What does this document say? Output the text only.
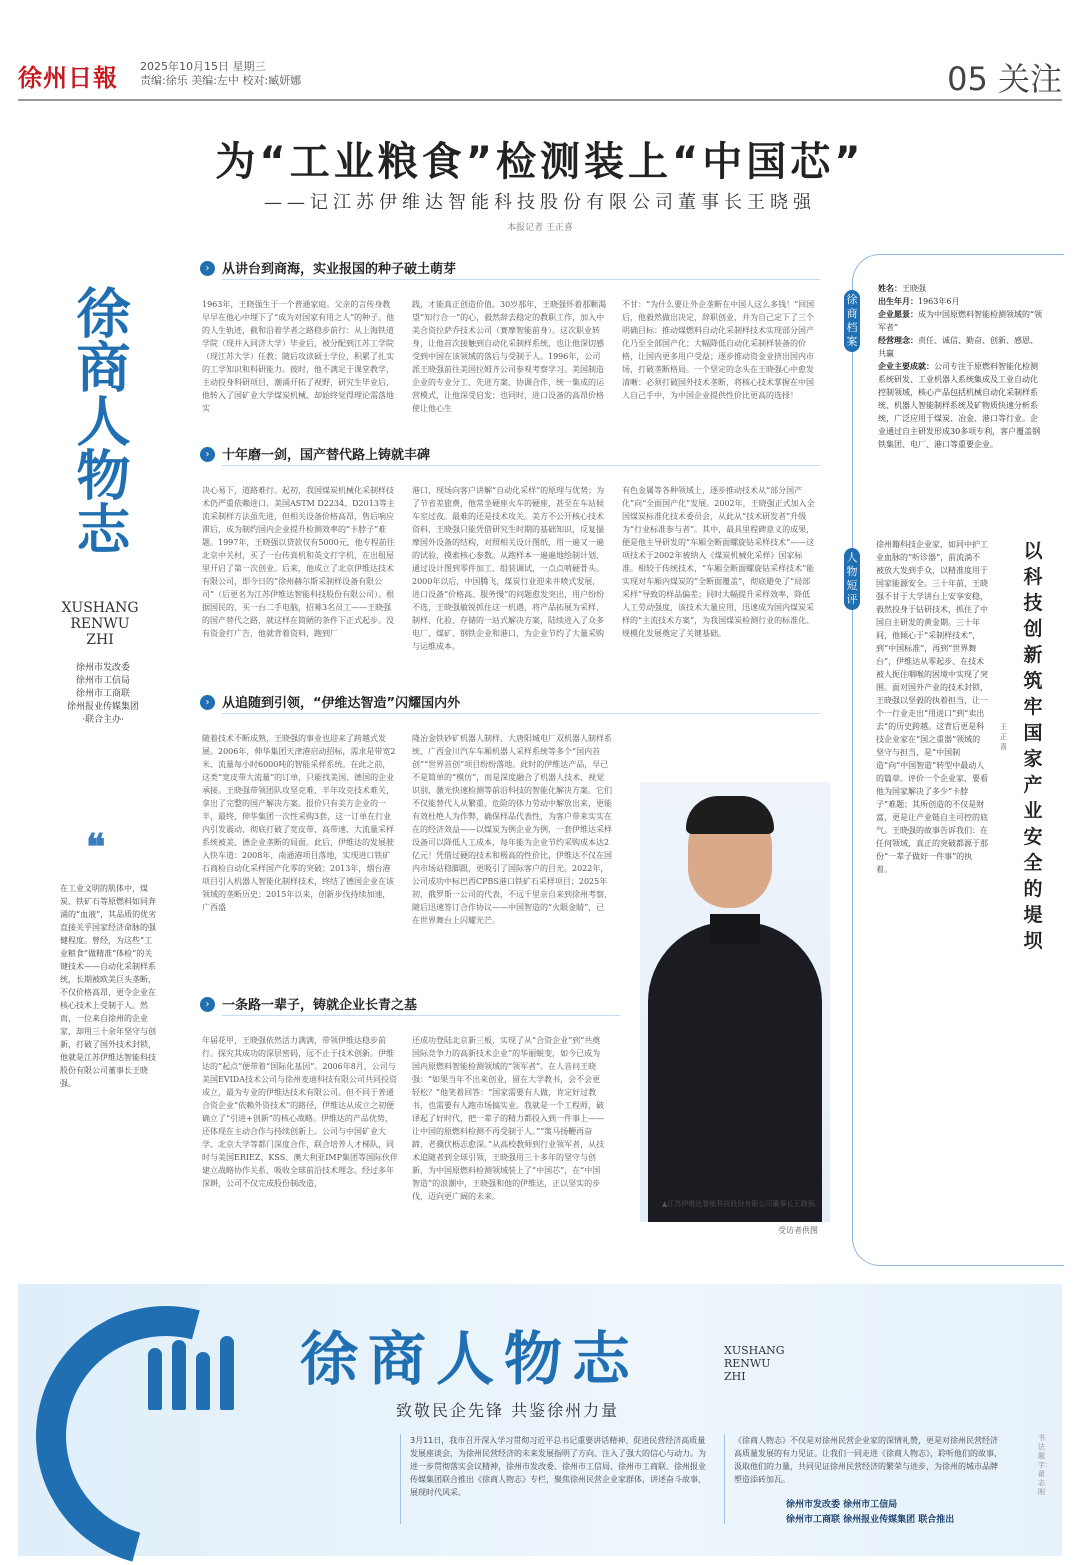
徐州日報 2025年10月15日 星期三
责编:徐乐 美编:左中 校对:臧妍娜	05 关注
为“工业粮食”检测装上“中国芯”
——记江苏伊维达智能科技股份有限公司董事长王晓强
本报记者 王正喜
徐商人物志
XUSHANG RENWU ZHI
徐州市发改委
徐州市工信局
徐州市工商联
徐州报业传媒集团
·联合主办·
❝
在工业文明的肌体中，煤炭、铁矿石等原燃料如同奔涌的“血液”，其品质的优劣直接关乎国家经济命脉的强健程度。曾经，为这些“工业粮食”做精准“体检”的关键技术——自动化采制样系统，长期被欧美巨头垄断，不仅价格高昂，更令企业在核心技术上受制于人。然而，一位来自徐州的企业家，却用三十余年坚守与创新，打破了国外技术封锁，他就是江苏伊维达智能科技股份有限公司董事长王晓强。
› 从讲台到商海，实业报国的种子破土萌芽
1963年，王晓强生于一个普通家庭。父亲的言传身教早早在他心中埋下了“成为对国家有用之人”的种子。他的人生轨迹，截和沿着学者之路稳步前行：从上海铁道学院（现并入同济大学）毕业后，被分配到江苏工学院（现江苏大学）任教；随后攻读硕士学位，积累了扎实的工学知识和科研能力。彼时，他不满足于课堂教学，主动投身科研项目，潮涌开拓了视野，研究生毕业后，他转入了国矿业大学煤炭机械、却始终觉得理论需落地实
践，才能真正创造价值。30岁那年，王晓强怀着那颗渴望“知行合一”的心，毅然辞去稳定的教职工作，加入中美合资拉萨乔技术公司（赛摩智能前身）。这次职业转身，让他首次接触到自动化采制样系统，也让他深切感受到中国在该领域的落后与受制于人。1996年，公司派王晓强前往美国拉姆齐公司参观考察学习。美国制造企业的专业分工、先进方案、协调合作，统一集成的运营模式，让他深受启发；也同时，进口设备的高昂价格使让他心生
不甘：“为什么要让外企垄断在中国人这么多钱！”回国后，他毅然做出决定，辞职创业，并为自己定下了三个明确目标：推动煤燃料自动化采制样技术实现部分国产化乃至全部国产化；大幅降低自动化采制样装备的价格，让国内更多用户受益；逐步推动资金业挤出国内市场，打破垄断格局。一个坚定的念头在王晓强心中愈发清晰：必须打破国外技术垄断，将核心技术掌握在中国人自己手中，为中国企业提供性价比更高的选择！
› 十年磨一剑，国产替代路上铸就丰碑
决心易下，道路难行。起初，我国煤炭机械化采制样技术仍严重依赖进口。美国ASTM D2234、D2013等主流采制样方法虽先进，但相关设备价格高昂，售后响应滞后，成为制约国内企业提升检测效率的“卡脖子”难题。1997年，王晓强以贷款仅有5000元，他专程前往北京中关村，买了一台传真机和英文打字机，在出租屋里开启了第一次创业。后来，他成立了北京伊维达技术有限公司，即今日的“徐州赫尔斯采制样设备有限公司”（后更名为江苏伊维达智能科技股份有限公司）。根据国民的，买一台二手电脑，招募3名员工——王晓强的国产替代之路，就这样在简陋的条件下正式起步。没有资金打广告，他就背着资料，跑到厂
港口，现场向客户讲解“自动化采样”的原理与优势；为了节省差旅费，他常坐硬座火车的硬座，甚至在车站候车室过夜。最难的还是技术攻关。美方不公开核心技术资料，王晓强只能凭借研究生时期的基础知识，反复揣摩国外设备的结构，对照相关设计图纸，用一遍又一遍的试验，摸索核心参数。从跑样本一遍遍地绘制计划、通过设计图到零件加工、组装调试，一点点啃硬骨头。2000年以后，中国腾飞，煤炭行业迎来井喷式发展，进口设备“价格高、服务慢”的问题愈发突出，用户纷纷不选，王晓强敏锐抓住这一机遇，将产品拓展为采样、制样、化验、存储的一站式解决方案，陆续进入了众多电厂、煤矿、钢铁企业和港口，为企业节约了大量采购与运维成本。
有色金属等各种领域上，逐步推动技术从“部分国产化”向“全面国产化”发展。2002年，王晓强正式加入全国煤炭标准化技术委员会，从此从“技术研发者”升级为“行业标准参与者”。其中，最具里程碑意义的成果，便是他主导研发的“车厢全断面螺旋钻采样技术”——这项技术于2002年被纳入《煤炭机械化采样》国家标准。相较于传统技术，“车厢全断面螺旋钻采样技术”能实现对车厢内煤炭的“全断面覆盖”，彻底避免了“局部采样”导致的样品偏差；同时大幅提升采样效率，降低人工劳动强度，该技术大量应用，迅速成为国内煤炭采样的“主流技术方案”，为我国煤炭检测行业的标准化、规模化发展奠定了关键基础。
› 从追随到引领，“伊维达智造”闪耀国内外
随着技术不断成熟，王晓强的事业也迎来了跨越式发展。2006年，伸华集团天津港启动招标，需求是带宽2米、流量每小时6000吨的智能采样系统。在此之前，这类“宽皮带大流量”的订单，只能找美国、德国的企业承接。王晓强带领团队攻坚克难，半年攻克技术难关，拿出了完整的国产解决方案。报价只有美方企业的一半，最终，伸华集团一次性采购3套，这一订单在行业内引发震动，彻底打破了宽皮带、高带速、大流量采样系统被美、德企业垄断的局面。此后，伊维达的发展驶入快车道：2008年，南通港项目落地，实现进口铁矿石商检自动化采样国产化零的突破；2013年，烟台港项目引入机器人智能化制样技术，终结了德国企业在该领域的垄断历史；2015年以来，创新步伐持续加速，广西盛
隆冶金铁砂矿机器人制样、大唐阳城电厂双机器人制样系统、广西金川汽车车厢机器人采样系统等多个“国内首创”“世界首创”项目纷纷落地。此时的伊维达产品，早已不是简单的“模仿”，而是深度融合了机器人技术、视觉识别、激光快速检测等前沿科技的智能化解决方案。它们不仅能替代人从繁重、危险的体力劳动中解放出来，更能有效杜绝人为作弊，确保样品代表性，为客户带来实实在在的经济效益——以煤炭为例企业为例，一套伊维达采样设备可以降低人工成本，每年能为企业节约采购成本达2亿元！凭借过硬的技术和极高的性价比，伊维达不仅在国内市场站稳脚跟，更吸引了国际客户的目光。2022年，公司成功中标巴西CPBS港口铁矿石采样项目；2025年初，俄罗斯一公司的代表，不远千里亲自来到徐州考察，随后迅速签订合作协议——中国智造的“火眼金睛”，已在世界舞台上闪耀光芒。
› 一条路一辈子，铸就企业长青之基
年届花甲，王晓强依然活力满满，带领伊维达稳步前行。探究其成功的深层密码，远不止于技术创新。伊维达的“起点”便带着“国际化基因”。2006年8月，公司与美国EVIDA技术公司与徐州麦迪科技有限公司共同投资成立，最为专业的伊维达技术有限公司。但不同于普通合资企业“依赖外资技术”的路径，伊维达从成立之初便确立了“引进+创新”的核心战略。伊维达的产品优势，还体现在主动合作与持续创新上。公司与中国矿业大学、北京大学等都门深度合作，联合培养人才梯队，同时与美国ERIEZ、KSS、澳大利亚IMP集团等国际伙伴建立战略协作关系，吸收全球前沿技术理念。经过多年深耕，公司不仅完成股份制改造，
还成功登陆北京新三板，实现了从“合资企业”到“共奠国际竞争力的高新技术企业”的华丽蜕变，如今已成为国内原燃料智能检测领域的“领军者”。在人音问王晓强：“如果当年不出来创业，留在大学教书，会不会更轻松？”他笑着回答：“国家需要有人做，肯定好过教书，也需要有人跑市场搞实业。我就是一个工程师，破译起了好时代，把一辈子的精力都投入到一件事上——让中国的原燃料检测不再受制于人。”“策马扬鞭再奋蹄，老骥伏枥志愈深。”从高校教师到行业领军者，从技术追随者到全球引领，王晓强用三十多年的坚守与创新，为中国原燃料检测领域装上了“中国芯”，在“中国智造”的浪潮中，王晓强和他的伊维达，正以坚实的步伐，迈向更广阔的未来。
▲江苏伊维达智能科技股份有限公司董事长王晓强。
受访者供图
徐商档案
人物短评
姓名：王晓强
出生年月：1963年6月
企业愿景：成为中国原燃料智能检测领域的“领军者”
经营理念：责任、诚信、勤奋、创新、感恩、共赢
企业主要成就：公司专注于原燃料智能化检测系统研发、工业机器人系统集成及工业自动化控制领域，核心产品包括机械自动化采制样系统、机器人智能制样系统及矿物质快速分析系统，广泛应用于煤炭、冶金、港口等行业。企业通过自主研发形成30多项专利，客户覆盖钢铁集团、电厂、港口等重要企业。
徐州籍科技企业家，如同中护工业血脉的“听诊器”，前流淌不被放大发到手众，以精准度用于国家能源安全。三十年前，王晓强不甘于大学讲台上安享安稳，毅然投身于钻研技术，抓住了中国自主研发的黄金期。三十年间，他倾心于“采制样技术”，到“中国标准”，再到“世界舞台”，伊维达从零起步、在技术被人扼住咽喉的困境中实现了突围。面对国外产业的技术封锁，王晓强以坚毅的执着担当，让一个一行业走出“用进口”到“卖出去”的历史跨越。这背后更是科技企业家在“国之重器”领域的坚守与担当，是“中国制造”向“中国智造”转型中最动人的篇章。评价一个企业家，要看他为国家解决了多少“卡脖子”难题；其所创造的不仅是财富，更是让产业链自主可控的底气。王晓强的故事告诉我们：在任何领域，真正的突破都源于那份“一辈子做好一件事”的执着。
王正喜
以科技创新筑牢国家产业安全的堤坝
徐商人物志	XUSHANG RENWU ZHI
致敬民企先锋 共鉴徐州力量
3月11日，我市召开深入学习贯彻习近平总书记重要讲话精神、促进民营经济高质量发展座谈会，为徐州民营经济的未来发展指明了方向、注入了强大的信心与动力。为进一步贯彻落实会议精神，徐州市发改委、徐州市工信局、徐州市工商联、徐州报业传媒集团联合推出《徐商人物志》专栏，聚焦徐州民营企业家群体，讲述奋斗故事，展现时代风采。
《徐商人物志》不仅是对徐州民营企业家的深情礼赞，更是对徐州民营经济高质量发展的有力见证。让我们一同走进《徐商人物志》，聆听他们的故事，汲取他们的力量，共同见证徐州民营经济的繁荣与进步，为徐州的城市品牌塑造添砖加瓦。
徐州市发改委 徐州市工信局
徐州市工商联 徐州报业传媒集团 联合推出
书法题字：翟志刚
